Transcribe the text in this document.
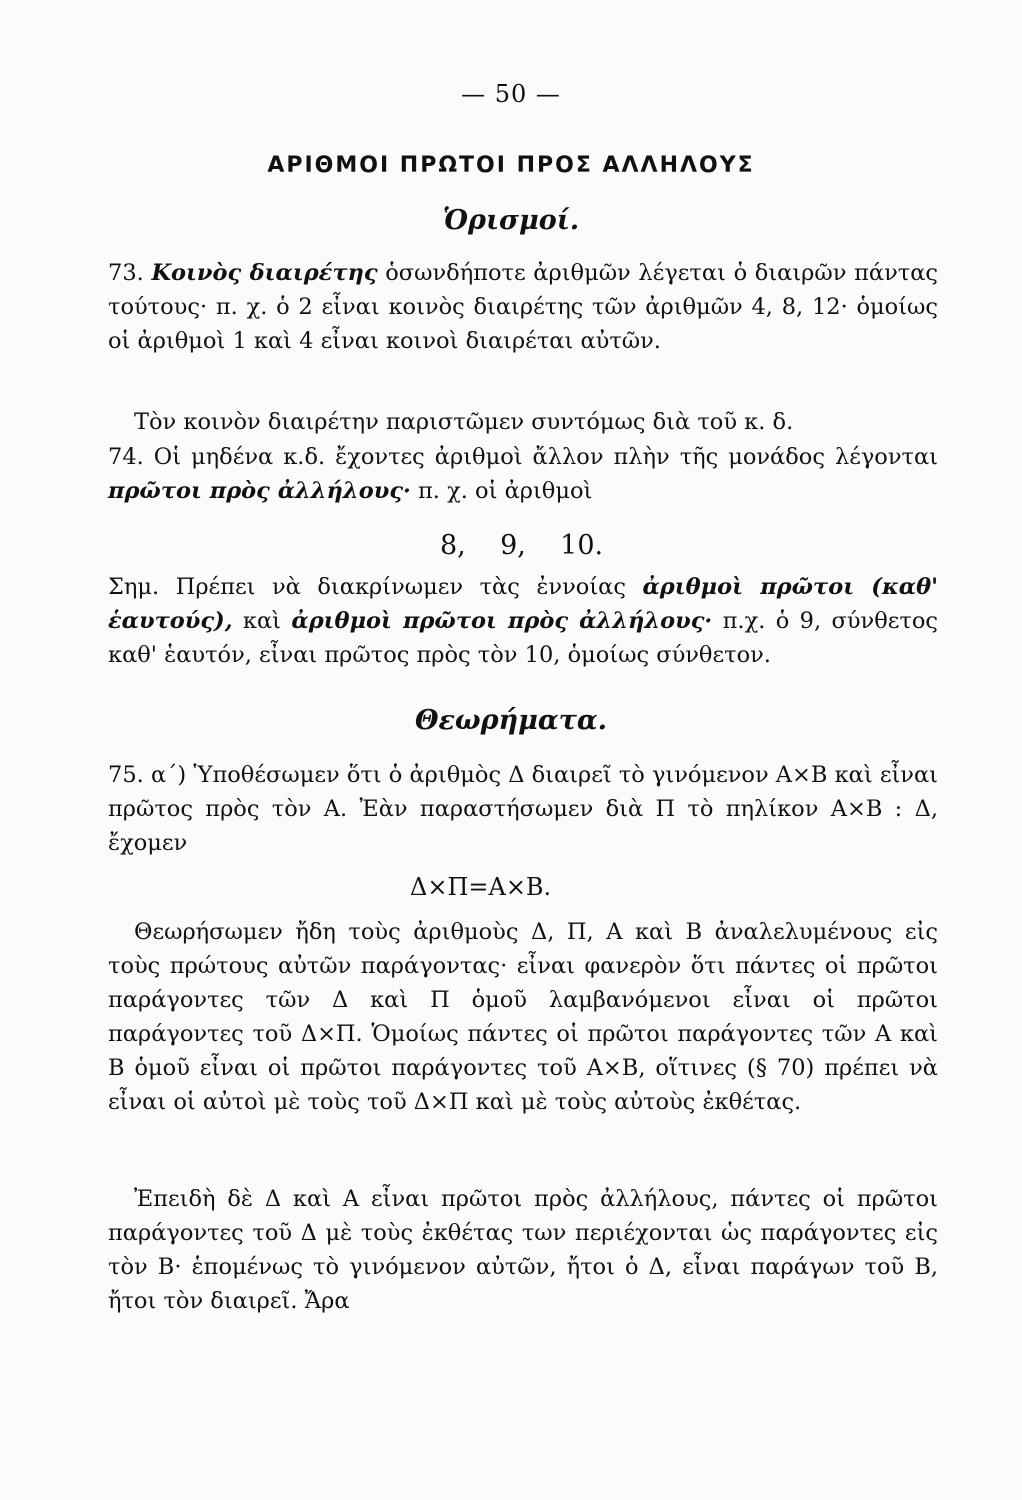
— 50 —
ΑΡΙΘΜΟΙ ΠΡΩΤΟΙ ΠΡΟΣ ΑΛΛΗΛΟΥΣ
Ὁρισμοί.
73. Κοινὸς διαιρέτης ὁσωνδήποτε ἀριθμῶν λέγεται ὁ διαιρῶν πάντας τούτους· π. χ. ὁ 2 εἶναι κοινὸς διαιρέτης τῶν ἀριθμῶν 4, 8, 12· ὁμοίως οἱ ἀριθμοὶ 1 καὶ 4 εἶναι κοινοὶ διαιρέται αὐτῶν.
Τὸν κοινὸν διαιρέτην παριστῶμεν συντόμως διὰ τοῦ κ. δ.
74. Οἱ μηδένα κ.δ. ἔχοντες ἀριθμοὶ ἄλλον πλὴν τῆς μονάδος λέγονται πρῶτοι πρὸς ἀλλήλους· π. χ. οἱ ἀριθμοὶ
8,    9,    10.
Σημ. Πρέπει νὰ διακρίνωμεν τὰς ἐννοίας ἀριθμοὶ πρῶτοι (καθ' ἑαυτούς), καὶ ἀριθμοὶ πρῶτοι πρὸς ἀλλήλους· π.χ. ὁ 9, σύνθετος καθ' ἑαυτόν, εἶναι πρῶτος πρὸς τὸν 10, ὁμοίως σύνθετον.
Θεωρήματα.
75. α΄) Ὑποθέσωμεν ὅτι ὁ ἀριθμὸς Δ διαιρεῖ τὸ γινόμενον Α×Β καὶ εἶναι πρῶτος πρὸς τὸν Α. Ἐὰν παραστήσωμεν διὰ Π τὸ πηλίκον Α×Β : Δ, ἔχομεν
Δ×Π=Α×Β.
Θεωρήσωμεν ἤδη τοὺς ἀριθμοὺς Δ, Π, Α καὶ Β ἀναλελυμένους εἰς τοὺς πρώτους αὐτῶν παράγοντας· εἶναι φανερὸν ὅτι πάντες οἱ πρῶτοι παράγοντες τῶν Δ καὶ Π ὁμοῦ λαμβανόμενοι εἶναι οἱ πρῶτοι παράγοντες τοῦ Δ×Π. Ὁμοίως πάντες οἱ πρῶτοι παράγοντες τῶν Α καὶ Β ὁμοῦ εἶναι οἱ πρῶτοι παράγοντες τοῦ Α×Β, οἵτινες (§ 70) πρέπει νὰ εἶναι οἱ αὐτοὶ μὲ τοὺς τοῦ Δ×Π καὶ μὲ τοὺς αὐτοὺς ἐκθέτας.
Ἐπειδὴ δὲ Δ καὶ Α εἶναι πρῶτοι πρὸς ἀλλήλους, πάντες οἱ πρῶτοι παράγοντες τοῦ Δ μὲ τοὺς ἐκθέτας των περιέχονται ὡς παράγοντες εἰς τὸν Β· ἑπομένως τὸ γινόμενον αὐτῶν, ἤτοι ὁ Δ, εἶναι παράγων τοῦ Β, ἤτοι τὸν διαιρεῖ. Ἄρα
